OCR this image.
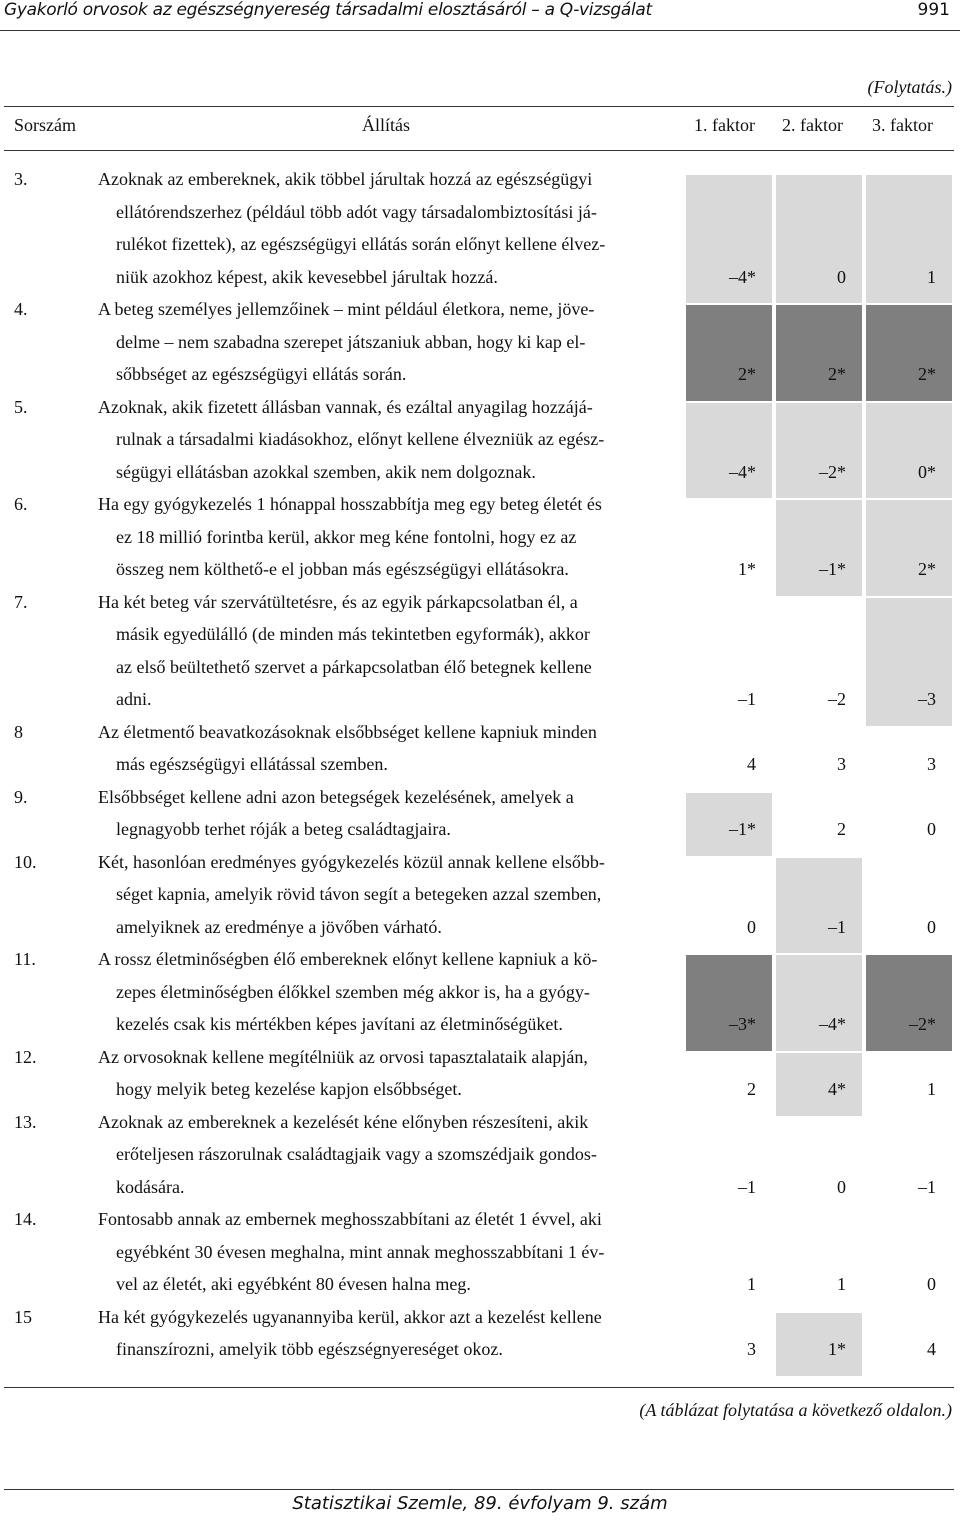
Gyakorló orvosok az egészségnyereség társadalmi elosztásáról – a Q-vizsgálat	991
(Folytatás.)
Sorszám	Állítás	1. faktor 2. faktor 3. faktor
3.	Azoknak az embereknek, akik többel járultak hozzá az egészségügyi
ellátórendszerhez (például több adót vagy társadalombiztosítási já-
rulékot fizettek), az egészségügyi ellátás során előnyt kellene élvez-
niük azokhoz képest, akik kevesebbel járultak hozzá.	–4*	0	1
4.	A beteg személyes jellemzőinek – mint például életkora, neme, jöve-
delme – nem szabadna szerepet játszaniuk abban, hogy ki kap el-
sőbbséget az egészségügyi ellátás során.	2*	2*	2*
5.	Azoknak, akik fizetett állásban vannak, és ezáltal anyagilag hozzájá-
rulnak a társadalmi kiadásokhoz, előnyt kellene élvezniük az egész-
ségügyi ellátásban azokkal szemben, akik nem dolgoznak.	–4*	–2*	0*
6.	Ha egy gyógykezelés 1 hónappal hosszabbítja meg egy beteg életét és
ez 18 millió forintba kerül, akkor meg kéne fontolni, hogy ez az
összeg nem költhető-e el jobban más egészségügyi ellátásokra.	1*	–1*	2*
7.	Ha két beteg vár szervátültetésre, és az egyik párkapcsolatban él, a
másik egyedülálló (de minden más tekintetben egyformák), akkor
az első beültethető szervet a párkapcsolatban élő betegnek kellene
adni.	–1	–2	–3
8	Az életmentő beavatkozásoknak elsőbbséget kellene kapniuk minden
más egészségügyi ellátással szemben.	4	3	3
9.	Elsőbbséget kellene adni azon betegségek kezelésének, amelyek a
legnagyobb terhet róják a beteg családtagjaira.	–1*	2	0
10.	Két, hasonlóan eredményes gyógykezelés közül annak kellene elsőbb-
séget kapnia, amelyik rövid távon segít a betegeken azzal szemben,
amelyiknek az eredménye a jövőben várható.	0	–1	0
11.	A rossz életminőségben élő embereknek előnyt kellene kapniuk a kö-
zepes életminőségben élőkkel szemben még akkor is, ha a gyógy-
kezelés csak kis mértékben képes javítani az életminőségüket.	–3*	–4*	–2*
12.	Az orvosoknak kellene megítélniük az orvosi tapasztalataik alapján,
hogy melyik beteg kezelése kapjon elsőbbséget.	2	4*	1
13.	Azoknak az embereknek a kezelését kéne előnyben részesíteni, akik
erőteljesen rászorulnak családtagjaik vagy a szomszédjaik gondos-
kodására.	–1	0	–1
14.	Fontosabb annak az embernek meghosszabbítani az életét 1 évvel, aki
egyébként 30 évesen meghalna, mint annak meghosszabbítani 1 év-
vel az életét, aki egyébként 80 évesen halna meg.	1	1	0
15	Ha két gyógykezelés ugyanannyiba kerül, akkor azt a kezelést kellene
finanszírozni, amelyik több egészségnyereséget okoz.	3	1*	4
(A táblázat folytatása a következő oldalon.)
Statisztikai Szemle, 89. évfolyam 9. szám
